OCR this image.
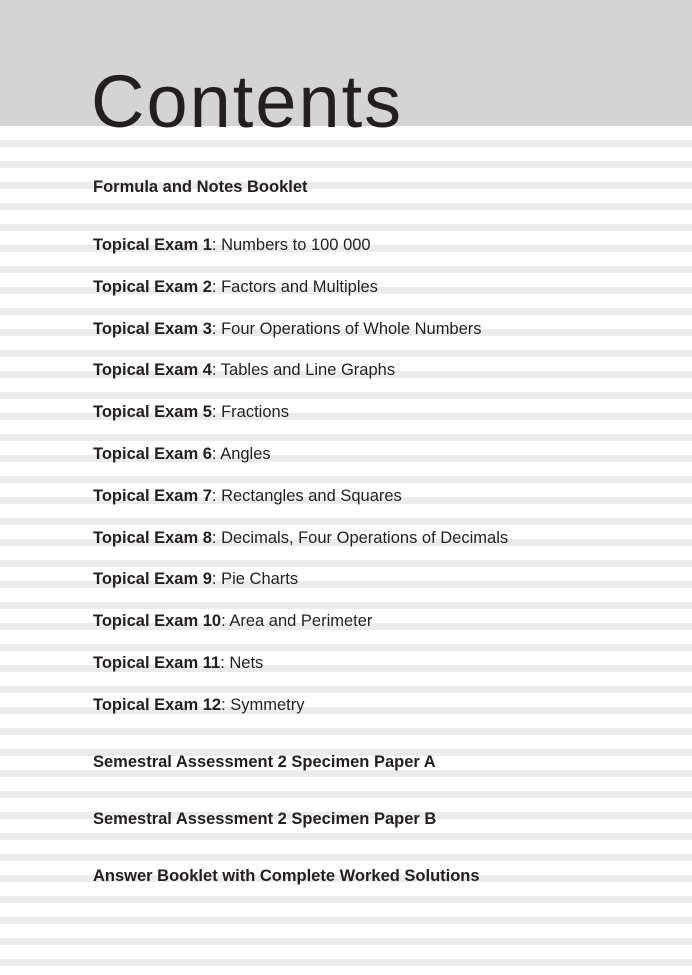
Contents
Formula and Notes Booklet
Topical Exam 1: Numbers to 100 000
Topical Exam 2: Factors and Multiples
Topical Exam 3: Four Operations of Whole Numbers
Topical Exam 4: Tables and Line Graphs
Topical Exam 5: Fractions
Topical Exam 6: Angles
Topical Exam 7: Rectangles and Squares
Topical Exam 8: Decimals, Four Operations of Decimals
Topical Exam 9: Pie Charts
Topical Exam 10: Area and Perimeter
Topical Exam 11: Nets
Topical Exam 12: Symmetry
Semestral Assessment 2 Specimen Paper A
Semestral Assessment 2 Specimen Paper B
Answer Booklet with Complete Worked Solutions
